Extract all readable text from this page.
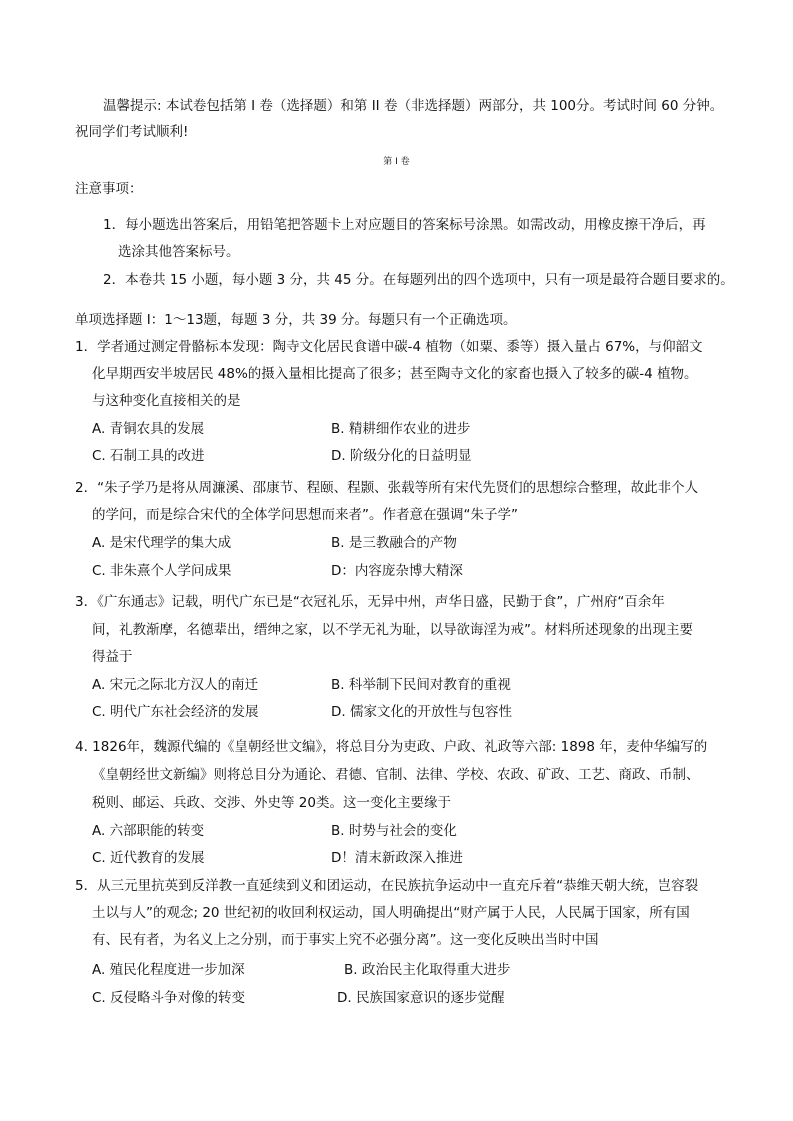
温馨提示: 本试卷包括第 I 卷（选择题）和第 II 卷（非选择题）两部分，共 100分。考试时间 60 分钟。
祝同学们考试顺利!
第 I 卷
注意事项：
1．每小题选出答案后，用铅笔把答题卡上对应题目的答案标号涂黑。如需改动，用橡皮擦干净后，再
选涂其他答案标号。
2．本卷共 15 小题，每小题 3 分，共 45 分。在每题列出的四个选项中，只有一项是最符合题目要求的。
单项选择题 I：1～13题，每题 3 分，共 39 分。每题只有一个正确选项。
1．学者通过测定骨骼标本发现：陶寺文化居民食谱中碳-4 植物（如粟、黍等）摄入量占 67%，与仰韶文
化早期西安半坡居民 48%的摄入量相比提高了很多；甚至陶寺文化的家畜也摄入了较多的碳-4 植物。
与这种变化直接相关的是
A. 青铜农具的发展	B. 精耕细作农业的进步
C. 石制工具的改进	D. 阶级分化的日益明显
2．“朱子学乃是将从周濂溪、邵康节、程颐、程颢、张载等所有宋代先贤们的思想综合整理，故此非个人
的学问，而是综合宋代的全体学问思想而来者”。作者意在强调“朱子学”
A. 是宋代理学的集大成	B. 是三教融合的产物
C. 非朱熹个人学问成果	D：内容庞杂博大精深
3．《广东通志》记载，明代广东已是“衣冠礼乐，无异中州，声华日盛，民勤于食”，广州府“百余年
间，礼教渐摩，名德辈出，缙绅之家，以不学无礼为耻，以导欲诲淫为戒”。材料所述现象的出现主要
得益于
A. 宋元之际北方汉人的南迁	B. 科举制下民间对教育的重视
C. 明代广东社会经济的发展	D. 儒家文化的开放性与包容性
4. 1826年，魏源代编的《皇朝经世文编》，将总目分为吏政、户政、礼政等六部: 1898 年，麦仲华编写的
《皇朝经世文新编》则将总目分为通论、君德、官制、法律、学校、农政、矿政、工艺、商政、币制、
税则、邮运、兵政、交涉、外史等 20类。这一变化主要缘于
A. 六部职能的转变	B. 时势与社会的变化
C. 近代教育的发展	D！清末新政深入推进
5．从三元里抗英到反洋教一直延续到义和团运动，在民族抗争运动中一直充斥着“恭维天朝大统，岂容裂
土以与人”的观念; 20 世纪初的收回利权运动，国人明确提出“财产属于人民，人民属于国家，所有国
有、民有者，为名义上之分别，而于事实上究不必强分离”。这一变化反映出当时中国
A. 殖民化程度进一步加深	B. 政治民主化取得重大进步
C. 反侵略斗争对像的转变	D. 民族国家意识的逐步觉醒
